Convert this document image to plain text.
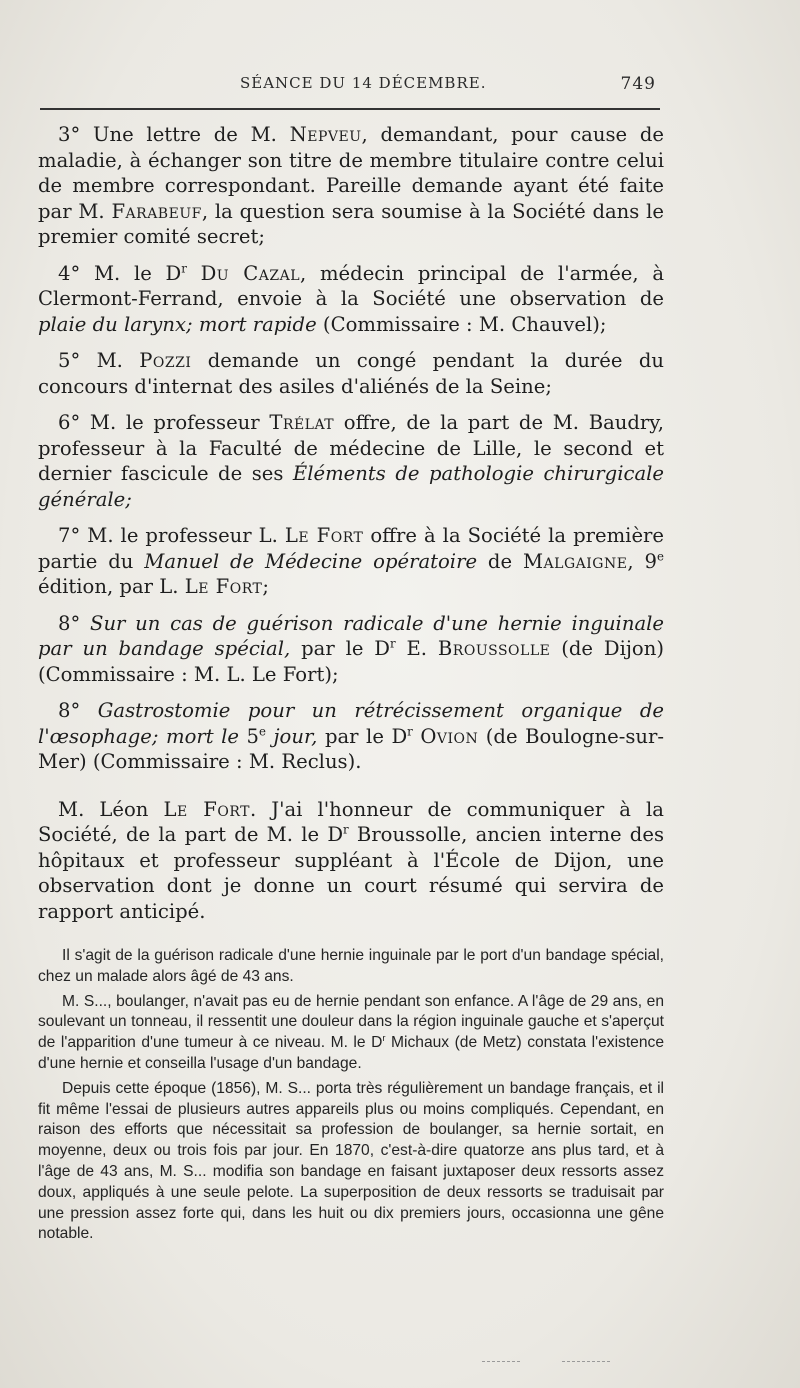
SÉANCE DU 14 DÉCEMBRE.	749

3° Une lettre de M. Nepveu, demandant, pour cause de maladie, à échanger son titre de membre titulaire contre celui de membre correspondant. Pareille demande ayant été faite par M. Farabeuf, la question sera soumise à la Société dans le premier comité secret;

4° M. le $D^r$ Du Cazal, médecin principal de l'armée, à Clermont-Ferrand, envoie à la Société une observation de plaie du larynx; mort rapide (Commissaire : M. Chauvel);

5° M. Pozzi demande un congé pendant la durée du concours d'internat des asiles d'aliénés de la Seine;

6° M. le professeur Trélat offre, de la part de M. Baudry, professeur à la Faculté de médecine de Lille, le second et dernier fascicule de ses Éléments de pathologie chirurgicale générale;

7° M. le professeur L. Le Fort offre à la Société la première partie du Manuel de Médecine opératoire de Malgaigne, 9e édition, par L. Le Fort;

8° Sur un cas de guérison radicale d'une hernie inguinale par un bandage spécial, par le $D^r$ E. Broussolle (de Dijon) (Commissaire : M. L. Le Fort);

8° Gastrostomie pour un rétrécissement organique de l'œsophage; mort le 5e jour, par le $D^r$ Ovion (de Boulogne-sur-Mer) (Commissaire : M. Reclus).

M. Léon Le Fort. J'ai l'honneur de communiquer à la Société, de la part de M. le $D^r$ Broussolle, ancien interne des hôpitaux et professeur suppléant à l'École de Dijon, une observation dont je donne un court résumé qui servira de rapport anticipé.

Il s'agit de la guérison radicale d'une hernie inguinale par le port d'un bandage spécial, chez un malade alors âgé de 43 ans.

M. S..., boulanger, n'avait pas eu de hernie pendant son enfance. A l'âge de 29 ans, en soulevant un tonneau, il ressentit une douleur dans la région inguinale gauche et s'aperçut de l'apparition d'une tumeur à ce niveau. M. le $D^r$ Michaux (de Metz) constata l'existence d'une hernie et conseilla l'usage d'un bandage.

Depuis cette époque (1856), M. S... porta très régulièrement un bandage français, et il fit même l'essai de plusieurs autres appareils plus ou moins compliqués. Cependant, en raison des efforts que nécessitait sa profession de boulanger, sa hernie sortait, en moyenne, deux ou trois fois par jour. En 1870, c'est-à-dire quatorze ans plus tard, et à l'âge de 43 ans, M. S... modifia son bandage en faisant juxtaposer deux ressorts assez doux, appliqués à une seule pelote. La superposition de deux ressorts se traduisait par une pression assez forte qui, dans les huit ou dix premiers jours, occasionna une gêne notable.
